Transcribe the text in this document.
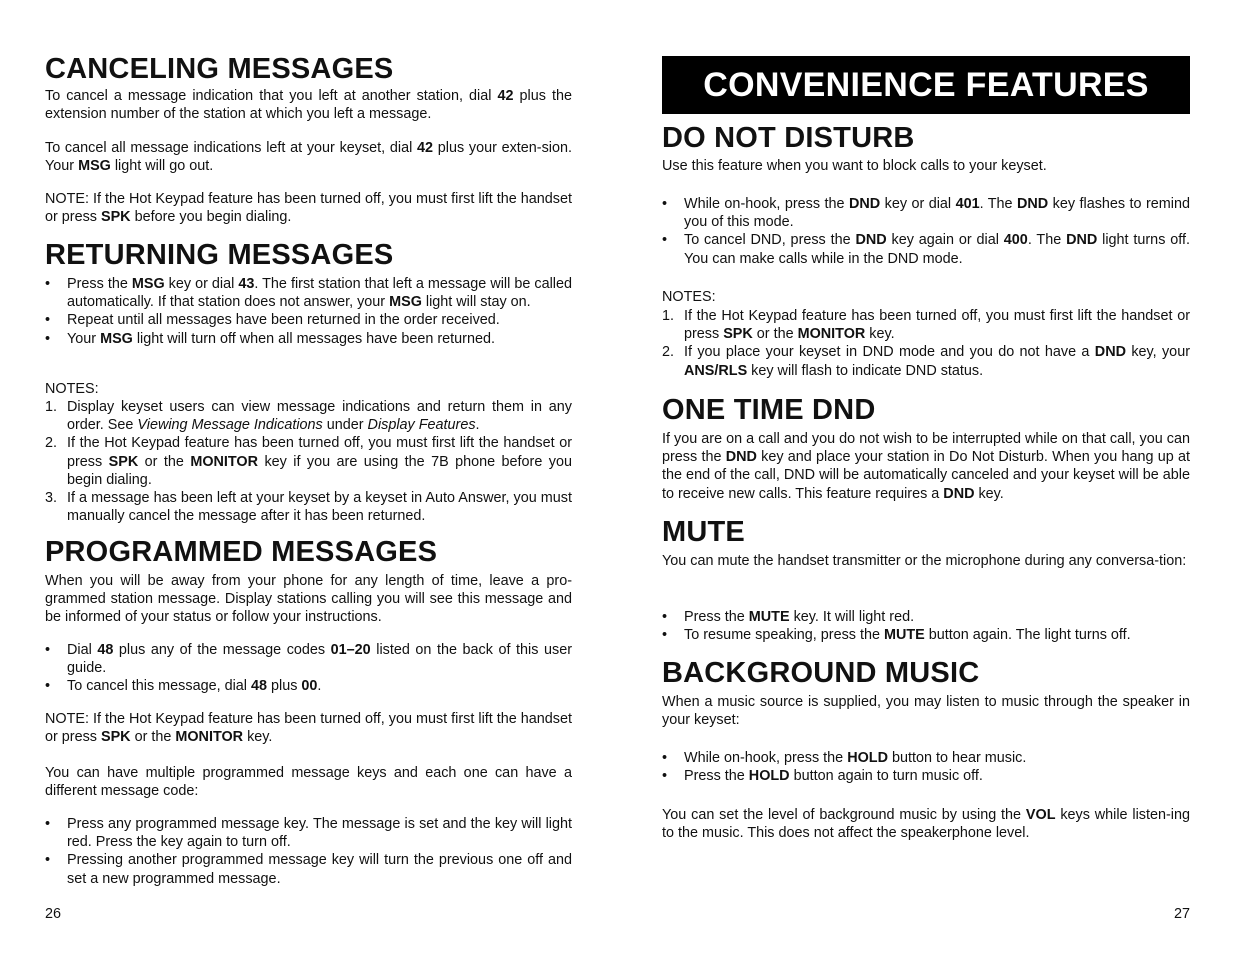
CANCELING MESSAGES

To cancel a message indication that you left at another station, dial 42 plus the extension number of the station at which you left a message.

To cancel all message indications left at your keyset, dial 42 plus your exten-sion. Your MSG light will go out.

NOTE: If the Hot Keypad feature has been turned off, you must first lift the handset or press SPK before you begin dialing.

RETURNING MESSAGES
• Press the MSG key or dial 43. The first station that left a message will be called automatically. If that station does not answer, your MSG light will stay on.
• Repeat until all messages have been returned in the order received.
• Your MSG light will turn off when all messages have been returned.

NOTES:

1. Display keyset users can view message indications and return them in any order. See Viewing Message Indications under Display Features.
2. If the Hot Keypad feature has been turned off, you must first lift the handset or press SPK or the MONITOR key if you are using the 7B phone before you begin dialing.
3. If a message has been left at your keyset by a keyset in Auto Answer, you must manually cancel the message after it has been returned.
PROGRAMMED MESSAGES

When you will be away from your phone for any length of time, leave a pro-grammed station message. Display stations calling you will see this message and be informed of your status or follow your instructions.

• Dial 48 plus any of the message codes 01–20 listed on the back of this user guide.
• To cancel this message, dial 48 plus 00.

NOTE: If the Hot Keypad feature has been turned off, you must first lift the handset or press SPK or the MONITOR key.

You can have multiple programmed message keys and each one can have a different message code:

• Press any programmed message key. The message is set and the key will light red. Press the key again to turn off.
• Pressing another programmed message key will turn the previous one off and set a new programmed message.
26
CONVENIENCE FEATURES
DO NOT DISTURB

Use this feature when you want to block calls to your keyset.

• While on-hook, press the DND key or dial 401. The DND key flashes to remind you of this mode.
• To cancel DND, press the DND key again or dial 400. The DND light turns off. You can make calls while in the DND mode.

NOTES:

1. If the Hot Keypad feature has been turned off, you must first lift the handset or press SPK or the MONITOR key.
2. If you place your keyset in DND mode and you do not have a DND key, your ANS/RLS key will flash to indicate DND status.
ONE TIME DND

If you are on a call and you do not wish to be interrupted while on that call, you can press the DND key and place your station in Do Not Disturb. When you hang up at the end of the call, DND will be automatically canceled and your keyset will be able to receive new calls. This feature requires a DND key.

MUTE

You can mute the handset transmitter or the microphone during any conversa-tion:

• Press the MUTE key. It will light red.
• To resume speaking, press the MUTE button again. The light turns off.
BACKGROUND MUSIC

When a music source is supplied, you may listen to music through the speaker in your keyset:

• While on-hook, press the HOLD button to hear music.
• Press the HOLD button again to turn music off.

You can set the level of background music by using the VOL keys while listen-ing to the music. This does not affect the speakerphone level.

27
